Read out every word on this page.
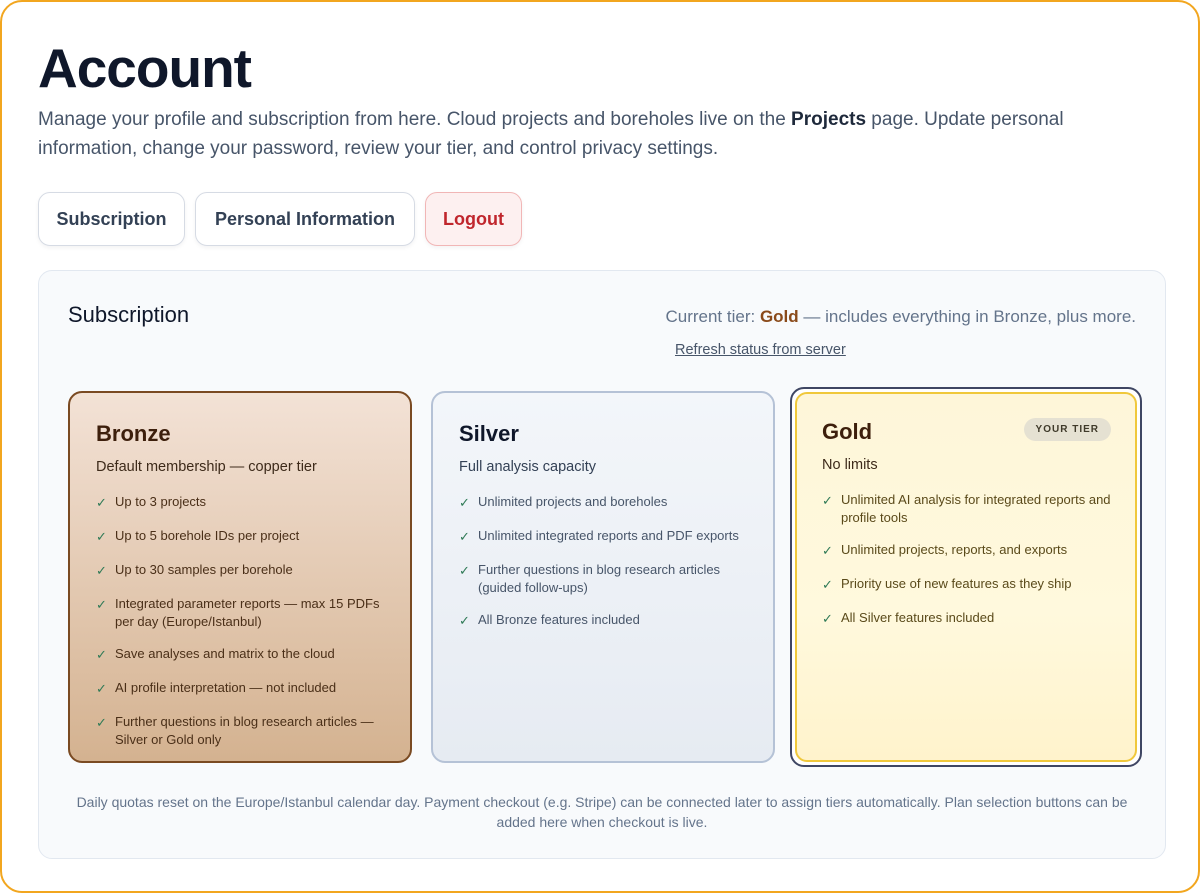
Account

Manage your profile and subscription from here. Cloud projects and boreholes live on the Projects page. Update personal information, change your password, review your tier, and control privacy settings.

Subscription	Personal Information	Logout
Subscription	Current tier: Gold — includes everything in Bronze, plus more.
Refresh status from server
Bronze
Default membership — copper tier
✓ Up to 3 projects
✓ Up to 5 borehole IDs per project
✓ Up to 30 samples per borehole
✓ Integrated parameter reports — max 15 PDFs per day (Europe/Istanbul)
✓ Save analyses and matrix to the cloud
✓ AI profile interpretation — not included
✓ Further questions in blog research articles — Silver or Gold only
Silver
Full analysis capacity
✓ Unlimited projects and boreholes
✓ Unlimited integrated reports and PDF exports
✓ Further questions in blog research articles (guided follow-ups)
✓ All Bronze features included
YOUR TIER
Gold
No limits
✓ Unlimited AI analysis for integrated reports and profile tools
✓ Unlimited projects, reports, and exports
✓ Priority use of new features as they ship
✓ All Silver features included

Daily quotas reset on the Europe/Istanbul calendar day. Payment checkout (e.g. Stripe) can be connected later to assign tiers automatically. Plan selection buttons can be added here when checkout is live.
